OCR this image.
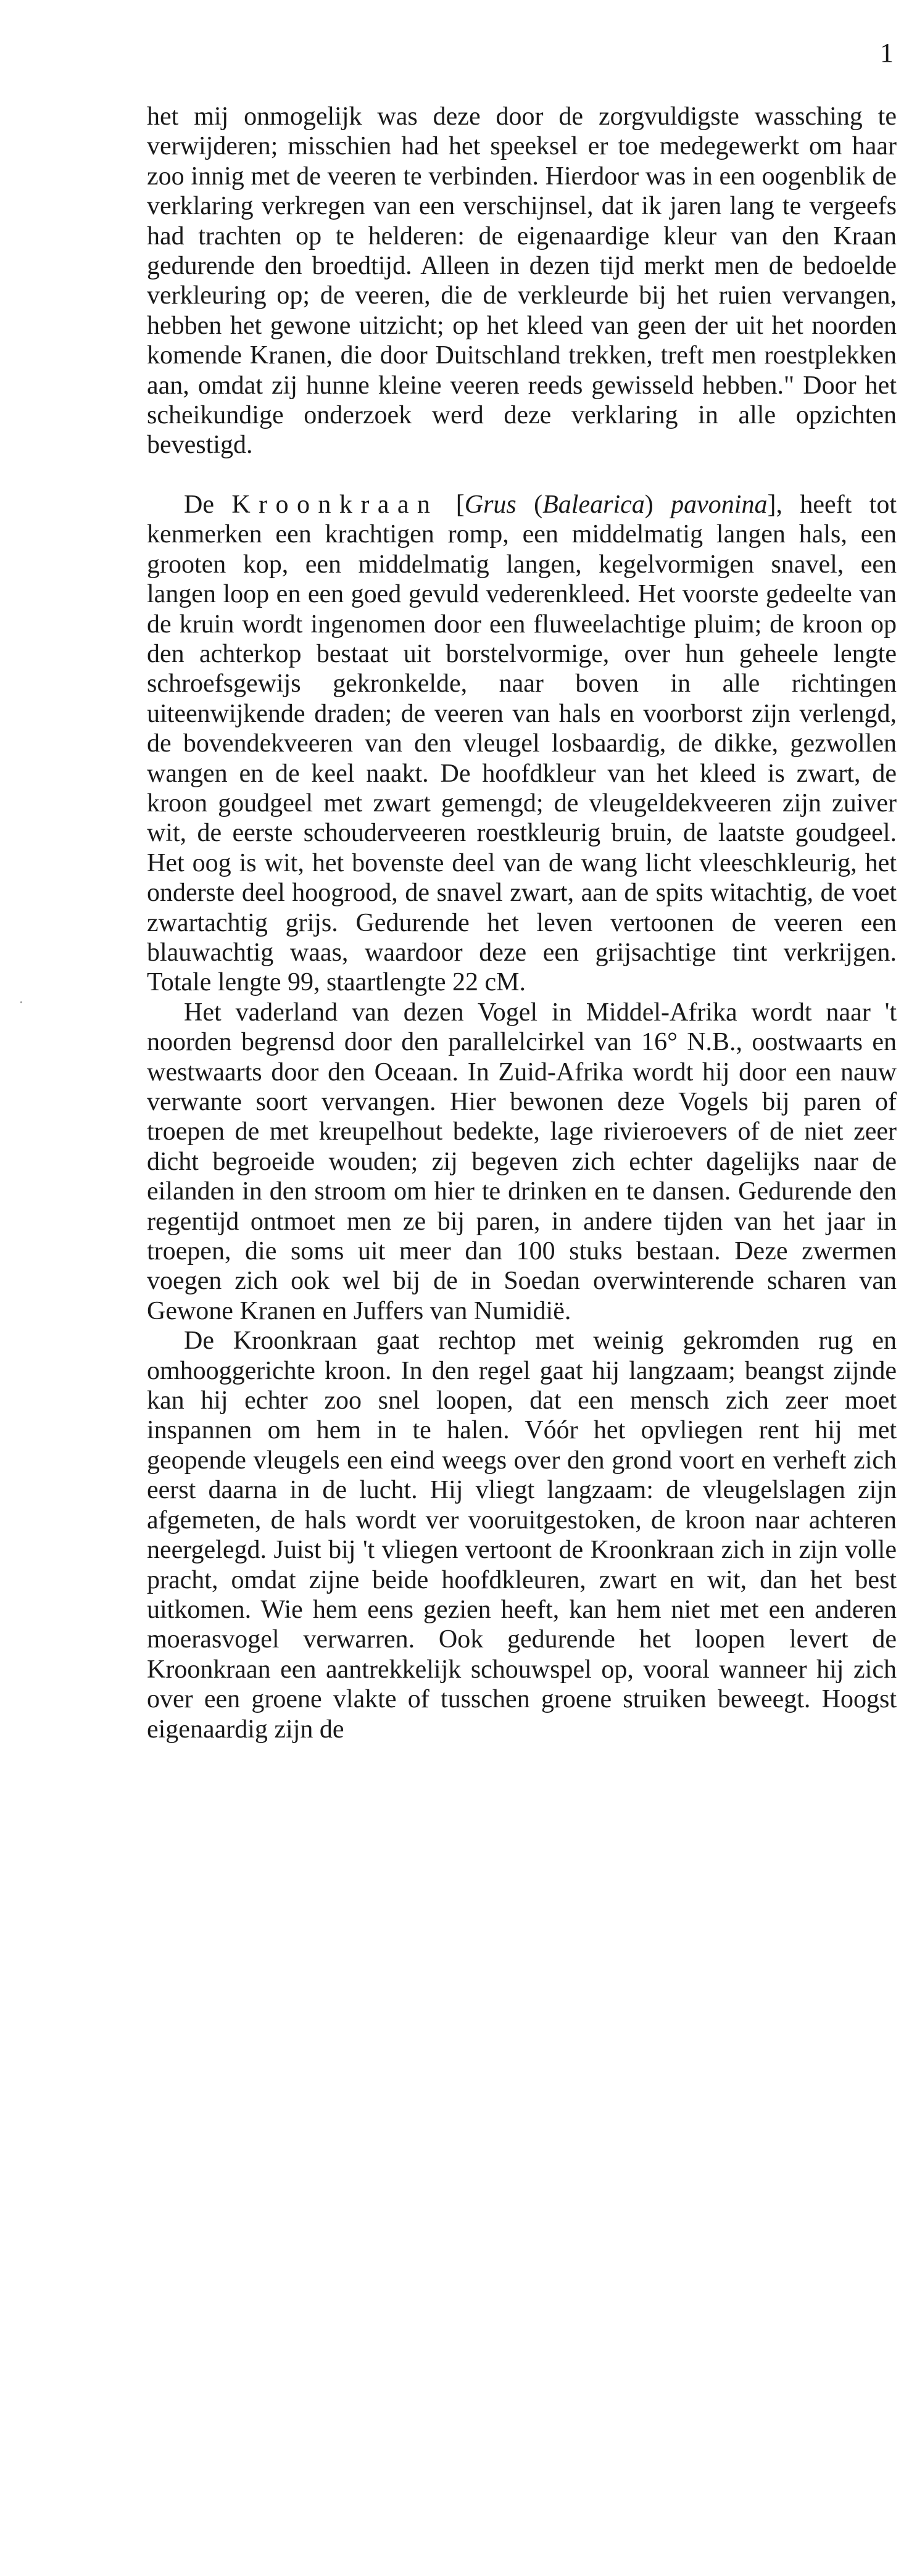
1
·

het mij onmogelijk was deze door de zorgvuldigste wassching te verwijderen; misschien had het speeksel er toe medegewerkt om haar zoo innig met de veeren te verbinden. Hierdoor was in een oogenblik de verklaring verkregen van een verschijnsel, dat ik jaren lang te vergeefs had trachten op te helderen: de eigenaardige kleur van den Kraan gedurende den broedtijd. Alleen in dezen tijd merkt men de bedoelde verkleuring op; de veeren, die de verkleurde bij het ruien vervangen, hebben het gewone uitzicht; op het kleed van geen der uit het noorden komende Kranen, die door Duitschland trekken, treft men roestplekken aan, omdat zij hunne kleine veeren reeds gewisseld hebben." Door het scheikundige onderzoek werd deze verklaring in alle opzichten bevestigd.

De Kroonkraan [Grus (Balearica) pavonina], heeft tot kenmerken een krachtigen romp, een middelmatig langen hals, een grooten kop, een middelmatig langen, kegelvormigen snavel, een langen loop en een goed gevuld vederenkleed. Het voorste gedeelte van de kruin wordt ingenomen door een fluweelachtige pluim; de kroon op den achterkop bestaat uit borstelvormige, over hun geheele lengte schroefsgewijs gekronkelde, naar boven in alle richtingen uiteenwijkende draden; de veeren van hals en voorborst zijn verlengd, de bovendekveeren van den vleugel losbaardig, de dikke, gezwollen wangen en de keel naakt. De hoofdkleur van het kleed is zwart, de kroon goudgeel met zwart gemengd; de vleugeldekveeren zijn zuiver wit, de eerste schouderveeren roestkleurig bruin, de laatste goudgeel. Het oog is wit, het bovenste deel van de wang licht vleeschkleurig, het onderste deel hoogrood, de snavel zwart, aan de spits witachtig, de voet zwartachtig grijs. Gedurende het leven vertoonen de veeren een blauwachtig waas, waardoor deze een grijsachtige tint verkrijgen. Totale lengte 99, staartlengte 22 cM.

Het vaderland van dezen Vogel in Middel-Afrika wordt naar 't noorden begrensd door den parallelcirkel van 16° N.B., oostwaarts en westwaarts door den Oceaan. In Zuid-Afrika wordt hij door een nauw verwante soort vervangen. Hier bewonen deze Vogels bij paren of troepen de met kreupelhout bedekte, lage rivieroevers of de niet zeer dicht begroeide wouden; zij begeven zich echter dagelijks naar de eilanden in den stroom om hier te drinken en te dansen. Gedurende den regentijd ontmoet men ze bij paren, in andere tijden van het jaar in troepen, die soms uit meer dan 100 stuks bestaan. Deze zwermen voegen zich ook wel bij de in Soedan overwinterende scharen van Gewone Kranen en Juffers van Numidië.

De Kroonkraan gaat rechtop met weinig gekromden rug en omhooggerichte kroon. In den regel gaat hij langzaam; beangst zijnde kan hij echter zoo snel loopen, dat een mensch zich zeer moet inspannen om hem in te halen. Vóór het opvliegen rent hij met geopende vleugels een eind weegs over den grond voort en verheft zich eerst daarna in de lucht. Hij vliegt langzaam: de vleugelslagen zijn afgemeten, de hals wordt ver vooruitgestoken, de kroon naar achteren neergelegd. Juist bij 't vliegen vertoont de Kroonkraan zich in zijn volle pracht, omdat zijne beide hoofdkleuren, zwart en wit, dan het best uitkomen. Wie hem eens gezien heeft, kan hem niet met een anderen moerasvogel verwarren. Ook gedurende het loopen levert de Kroonkraan een aantrekkelijk schouwspel op, vooral wanneer hij zich over een groene vlakte of tusschen groene struiken beweegt. Hoogst eigenaardig zijn de
